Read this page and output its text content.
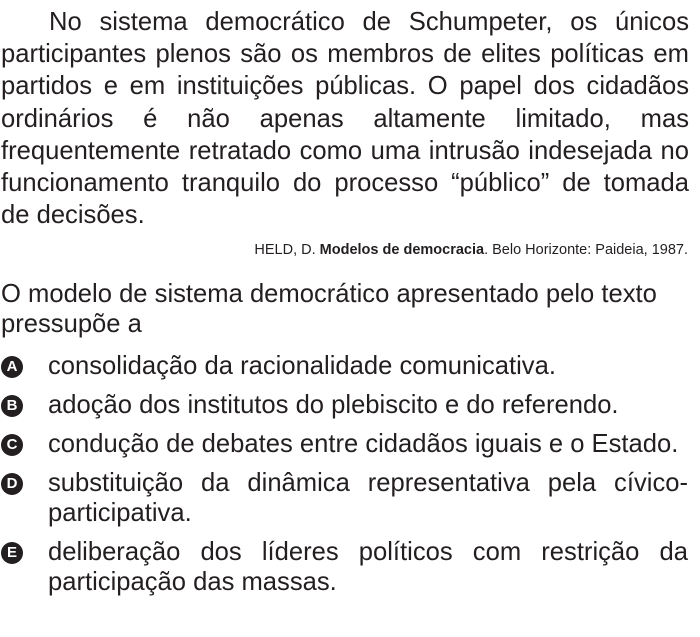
No sistema democrático de Schumpeter, os únicos participantes plenos são os membros de elites políticas em partidos e em instituições públicas. O papel dos cidadãos ordinários é não apenas altamente limitado, mas frequentemente retratado como uma intrusão indesejada no funcionamento tranquilo do processo “público” de tomada de decisões.

HELD, D. Modelos de democracia. Belo Horizonte: Paideia, 1987.

O modelo de sistema democrático apresentado pelo texto pressupõe a

A consolidação da racionalidade comunicativa.
B adoção dos institutos do plebiscito e do referendo.
C condução de debates entre cidadãos iguais e o Estado.
D substituição da dinâmica representativa pela cívico-participativa.
E deliberação dos líderes políticos com restrição da participação das massas.
